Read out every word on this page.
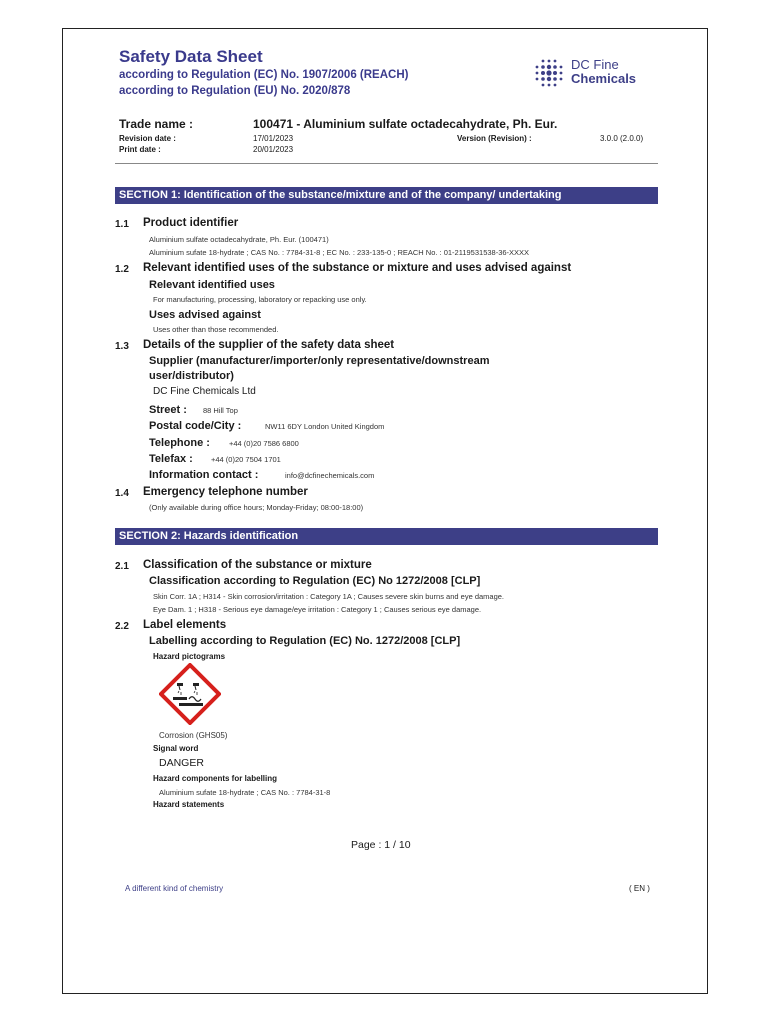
Safety Data Sheet
according to Regulation (EC) No. 1907/2006 (REACH)
according to Regulation (EU) No. 2020/878
DC Fine
Chemicals
Trade name :	100471 - Aluminium sulfate octadecahydrate, Ph. Eur.
Revision date :	17/01/2023
Print date :	20/01/2023
Version (Revision) :	3.0.0 (2.0.0)
SECTION 1: Identification of the substance/mixture and of the company/ undertaking
1.1 Product identifier
Aluminium sulfate octadecahydrate, Ph. Eur. (100471)
Aluminium sufate 18-hydrate ; CAS No. : 7784-31-8 ; EC No. : 233-135-0 ; REACH No. : 01-2119531538-36-XXXX
1.2 Relevant identified uses of the substance or mixture and uses advised against
Relevant identified uses
For manufacturing, processing, laboratory or repacking use only.
Uses advised against
Uses other than those recommended.
1.3 Details of the supplier of the safety data sheet
Supplier (manufacturer/importer/only representative/downstream
user/distributor)
DC Fine Chemicals Ltd
Street : 88 Hill Top
Postal code/City :	NW11 6DY London United Kingdom
Telephone :	+44 (0)20 7586 6800
Telefax : +44 (0)20 7504 1701
Information contact :	info@dcfinechemicals.com
1.4 Emergency telephone number
(Only available during office hours; Monday-Friday; 08:00-18:00)
SECTION 2: Hazards identification
2.1 Classification of the substance or mixture
Classification according to Regulation (EC) No 1272/2008 [CLP]
Skin Corr. 1A ; H314 - Skin corrosion/irritation : Category 1A ; Causes severe skin burns and eye damage.
Eye Dam. 1 ; H318 - Serious eye damage/eye irritation : Category 1 ; Causes serious eye damage.
2.2 Label elements
Labelling according to Regulation (EC) No. 1272/2008 [CLP]
Hazard pictograms
Corrosion (GHS05)
Signal word
DANGER
Hazard components for labelling
Aluminium sufate 18-hydrate ; CAS No. : 7784-31-8
Hazard statements
Page : 1 / 10
A different kind of chemistry	( EN )
